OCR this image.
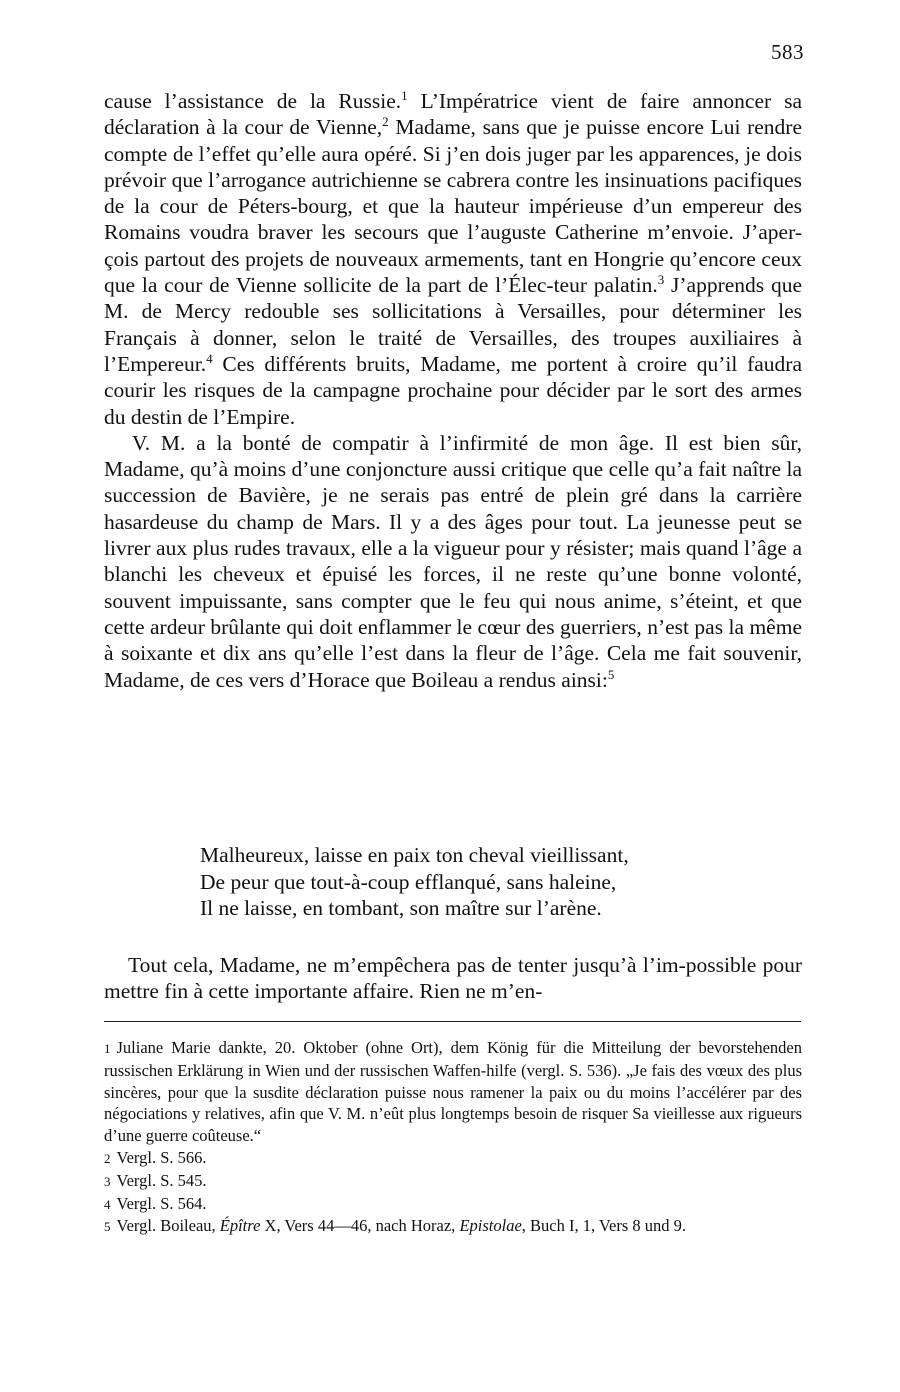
583

cause l’assistance de la Russie.$^1$ L’Impératrice vient de faire annoncer sa déclaration à la cour de Vienne,$^2$ Madame, sans que je puisse encore Lui rendre compte de l’effet qu’elle aura opéré. Si j’en dois juger par les apparences, je dois prévoir que l’arrogance autrichienne se cabrera contre les insinuations pacifiques de la cour de Péters-bourg, et que la hauteur impérieuse d’un empereur des Romains voudra braver les secours que l’auguste Catherine m’envoie. J’aper-çois partout des projets de nouveaux armements, tant en Hongrie qu’encore ceux que la cour de Vienne sollicite de la part de l’Élec-teur palatin.$^3$ J’apprends que M. de Mercy redouble ses sollicitations à Versailles, pour déterminer les Français à donner, selon le traité de Versailles, des troupes auxiliaires à l’Empereur.$^4$ Ces différents bruits, Madame, me portent à croire qu’il faudra courir les risques de la campagne prochaine pour décider par le sort des armes du destin de l’Empire.

V. M. a la bonté de compatir à l’infirmité de mon âge. Il est bien sûr, Madame, qu’à moins d’une conjoncture aussi critique que celle qu’a fait naître la succession de Bavière, je ne serais pas entré de plein gré dans la carrière hasardeuse du champ de Mars. Il y a des âges pour tout. La jeunesse peut se livrer aux plus rudes travaux, elle a la vigueur pour y résister; mais quand l’âge a blanchi les cheveux et épuisé les forces, il ne reste qu’une bonne volonté, souvent impuissante, sans compter que le feu qui nous anime, s’éteint, et que cette ardeur brûlante qui doit enflammer le cœur des guerriers, n’est pas la même à soixante et dix ans qu’elle l’est dans la fleur de l’âge. Cela me fait souvenir, Madame, de ces vers d’Horace que Boileau a rendus ainsi:$^5$

Malheureux, laisse en paix ton cheval vieillissant,
De peur que tout-à-coup efflanqué, sans haleine,
Il ne laisse, en tombant, son maître sur l’arène.

Tout cela, Madame, ne m’empêchera pas de tenter jusqu’à l’im-possible pour mettre fin à cette importante affaire. Rien ne m’en-

1 Juliane Marie dankte, 20. Oktober (ohne Ort), dem König für die Mitteilung der bevorstehenden russischen Erklärung in Wien und der russischen Waffen-hilfe (vergl. S. 536). „Je fais des vœux des plus sincères, pour que la susdite déclaration puisse nous ramener la paix ou du moins l’accélérer par des négociations y relatives, afin que V. M. n’eût plus longtemps besoin de risquer Sa vieillesse aux rigueurs d’une guerre coûteuse.“

2 Vergl. S. 566.

3 Vergl. S. 545.

4 Vergl. S. 564.

5 Vergl. Boileau, Épître X, Vers 44—46, nach Horaz, Epistolae, Buch I, 1, Vers 8 und 9.
